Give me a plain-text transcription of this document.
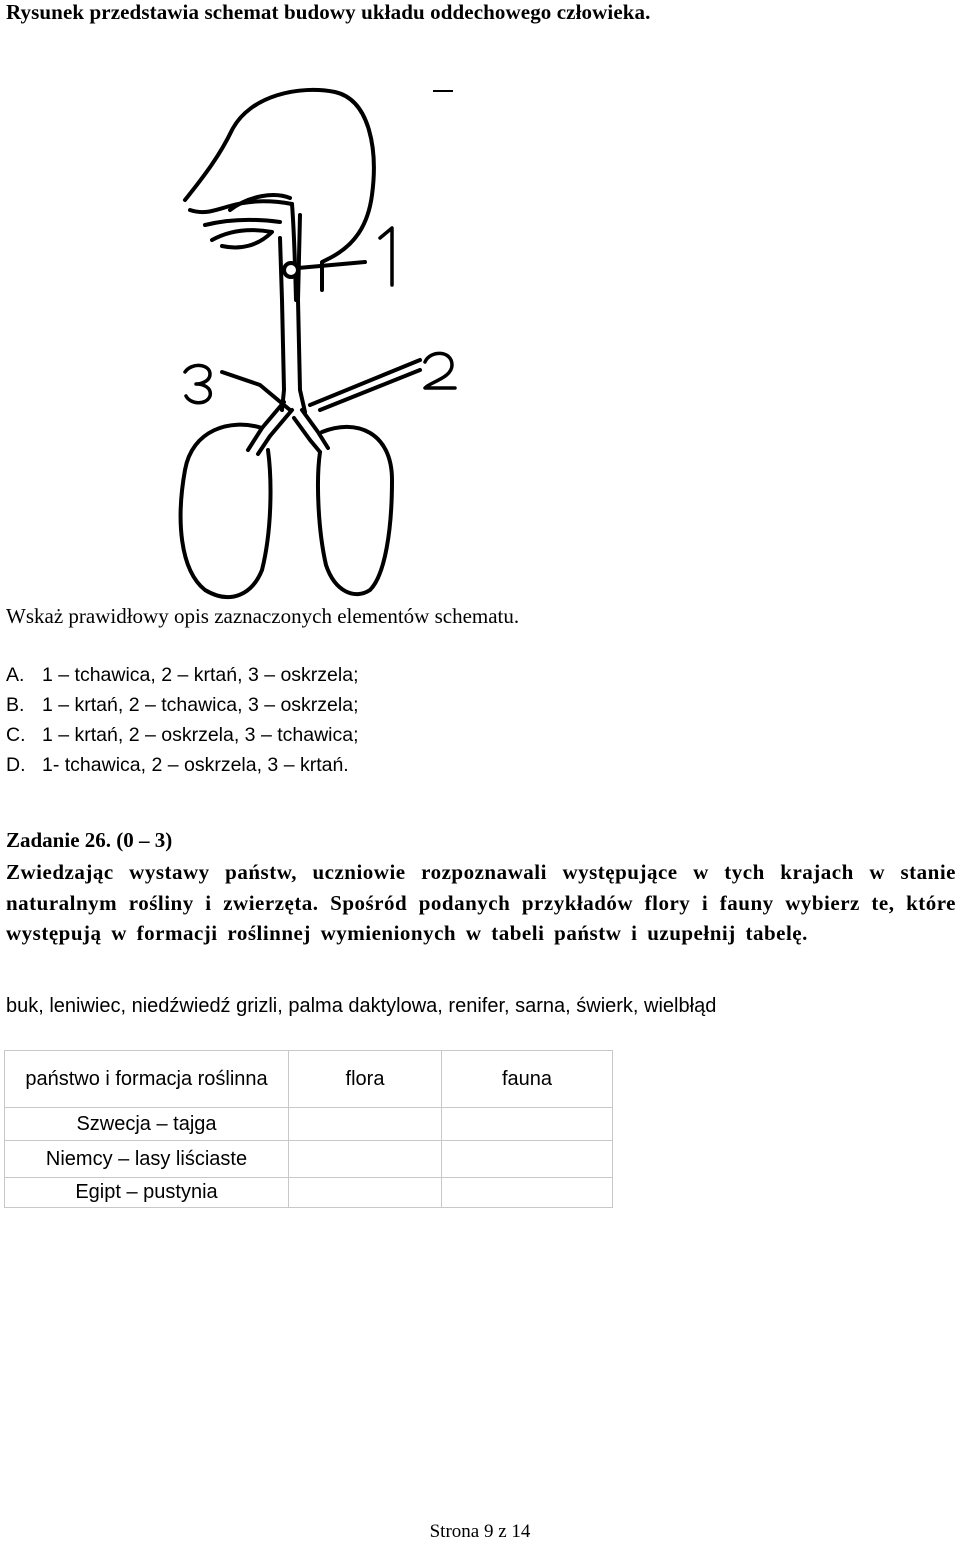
Rysunek przedstawia schemat budowy układu oddechowego człowieka.
Wskaż prawidłowy opis zaznaczonych elementów schematu.
A. 1 – tchawica, 2 – krtań, 3 – oskrzela;
B. 1 – krtań, 2 – tchawica, 3 – oskrzela;
C. 1 – krtań, 2 – oskrzela, 3 – tchawica;
D. 1- tchawica, 2 – oskrzela, 3 – krtań.
Zadanie 26. (0 – 3)
Zwiedzając wystawy państw, uczniowie rozpoznawali występujące w tych krajach w stanie naturalnym rośliny i zwierzęta. Spośród podanych przykładów flory i fauny wybierz te, które występują w formacji roślinnej wymienionych w tabeli państw i uzupełnij tabelę.
buk, leniwiec, niedźwiedź grizli, palma daktylowa, renifer, sarna, świerk, wielbłąd
państwo i formacja roślinna	flora	fauna
Szwecja – tajga		
Niemcy – lasy liściaste		
Egipt – pustynia		
Strona 9 z 14
